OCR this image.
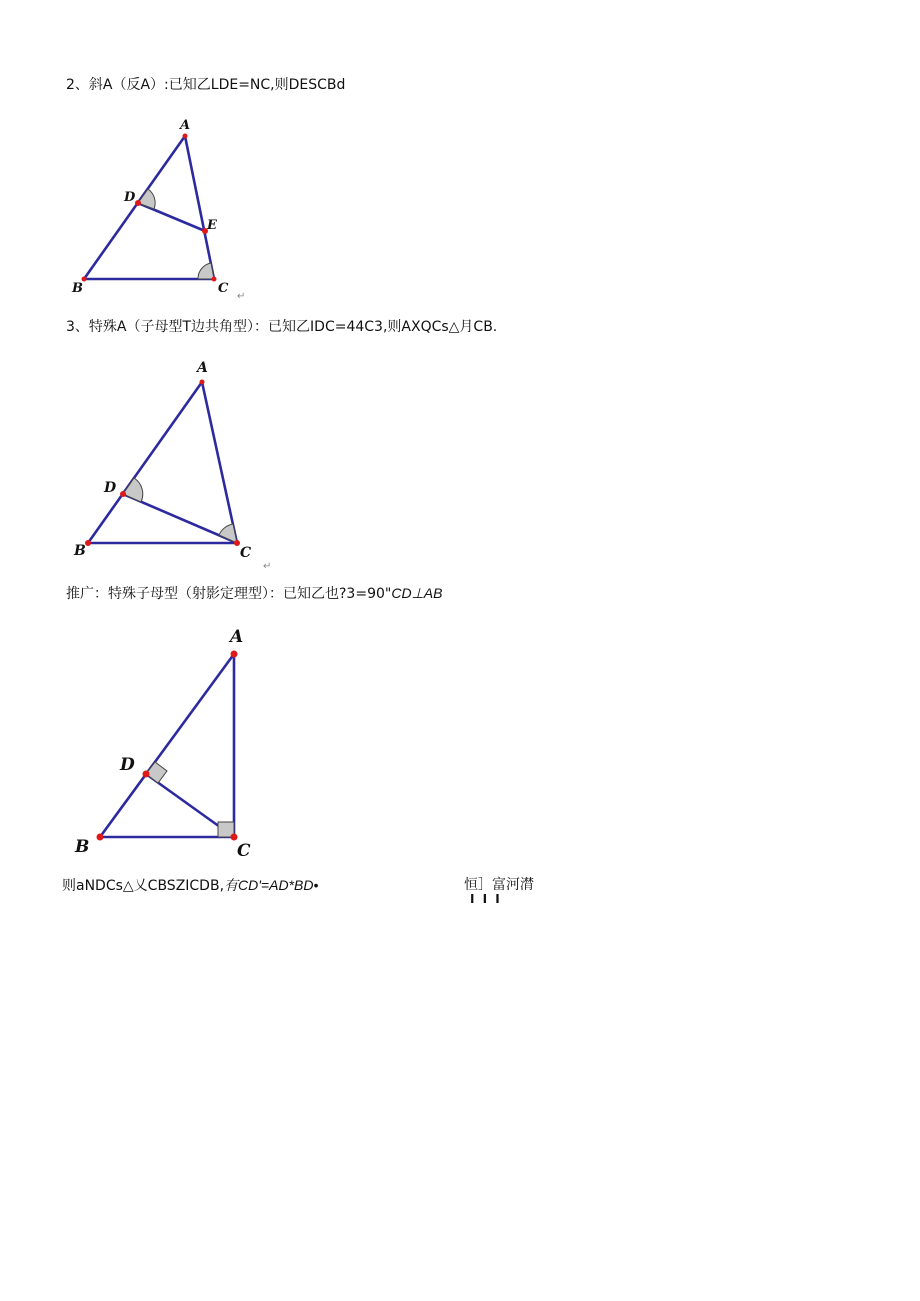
2、斜A（反A）:已知乙LDE=NC,则DESCBd
3、特殊A（子母型T边共角型）：已知乙IDC=44C3,则AXQCs△月CB.
推广：特殊子母型（射影定理型）：已知乙也?3=90"CD⊥AB
则aNDCs△乂CBSZICDB,有CD'=AD*BD•	恒］富河潸
I I I
A
D
E
B	C
↵
A
D
B	C
↵
A
D
B	C
